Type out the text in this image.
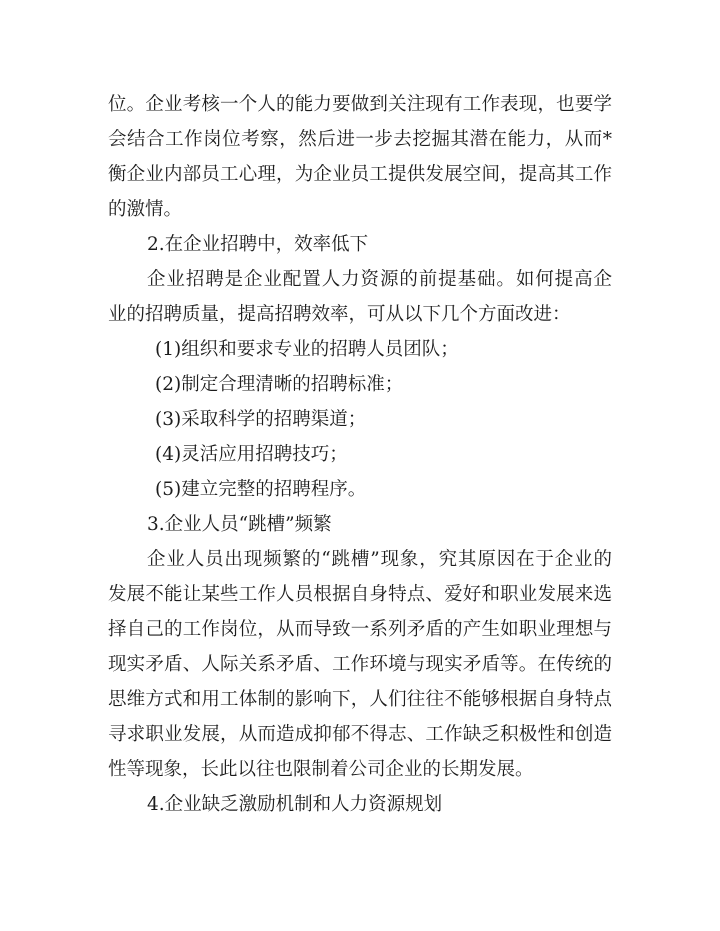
位。企业考核一个人的能力要做到关注现有工作表现，也要学
会结合工作岗位考察，然后进一步去挖掘其潜在能力，从而*
衡企业内部员工心理，为企业员工提供发展空间，提高其工作
的激情。
2.在企业招聘中，效率低下
企业招聘是企业配置人力资源的前提基础。如何提高企
业的招聘质量，提高招聘效率，可从以下几个方面改进：
(1)组织和要求专业的招聘人员团队；
(2)制定合理清晰的招聘标准；
(3)采取科学的招聘渠道；
(4)灵活应用招聘技巧；
(5)建立完整的招聘程序。
3.企业人员“跳槽”频繁
企业人员出现频繁的“跳槽”现象，究其原因在于企业的
发展不能让某些工作人员根据自身特点、爱好和职业发展来选
择自己的工作岗位，从而导致一系列矛盾的产生如职业理想与
现实矛盾、人际关系矛盾、工作环境与现实矛盾等。在传统的
思维方式和用工体制的影响下，人们往往不能够根据自身特点
寻求职业发展，从而造成抑郁不得志、工作缺乏积极性和创造
性等现象，长此以往也限制着公司企业的长期发展。
4.企业缺乏激励机制和人力资源规划
